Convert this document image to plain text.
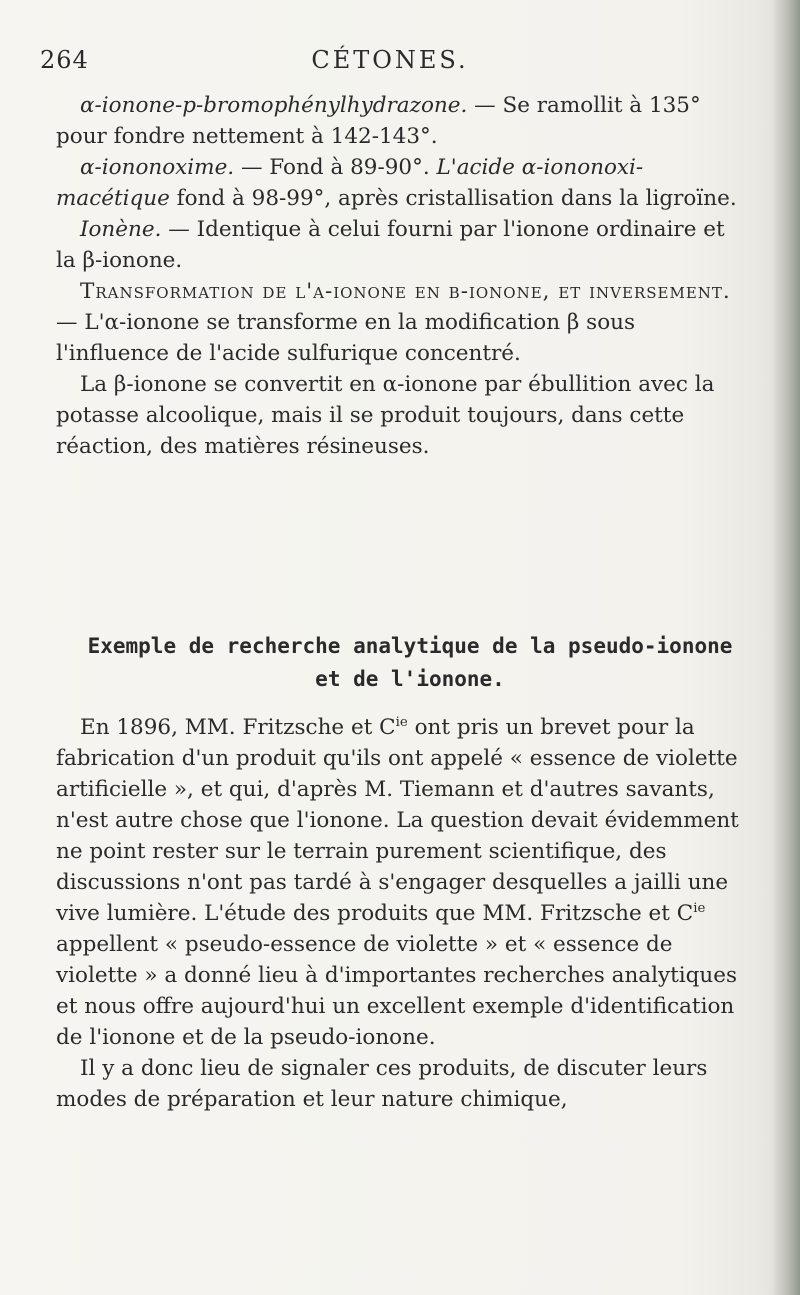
264	CÉTONES.

α-ionone-p-bromophénylhydrazone. — Se ramollit à 135° pour fondre nettement à 142-143°.

α-iononoxime. — Fond à 89-90°. L'acide α-iononoxi-macétique fond à 98-99°, après cristallisation dans la ligroïne.

Ionène. — Identique à celui fourni par l'ionone ordinaire et la β-ionone.

Transformation de l'α-ionone en β-ionone, et inversement. — L'α-ionone se transforme en la modification β sous l'influence de l'acide sulfurique concentré.

La β-ionone se convertit en α-ionone par ébullition avec la potasse alcoolique, mais il se produit toujours, dans cette réaction, des matières résineuses.

Exemple de recherche analytique de la pseudo-ionone
et de l'ionone.

En 1896, MM. Fritzsche et $C^{ie}$ ont pris un brevet pour la fabrication d'un produit qu'ils ont appelé « essence de violette artificielle », et qui, d'après M. Tiemann et d'autres savants, n'est autre chose que l'ionone. La question devait évidemment ne point rester sur le terrain purement scientifique, des discussions n'ont pas tardé à s'engager desquelles a jailli une vive lumière. L'étude des produits que MM. Fritzsche et $C^{ie}$ appellent « pseudo-essence de violette » et « essence de violette » a donné lieu à d'importantes recherches analytiques et nous offre aujourd'hui un excellent exemple d'identification de l'ionone et de la pseudo-ionone.

Il y a donc lieu de signaler ces produits, de discuter leurs modes de préparation et leur nature chimique,
